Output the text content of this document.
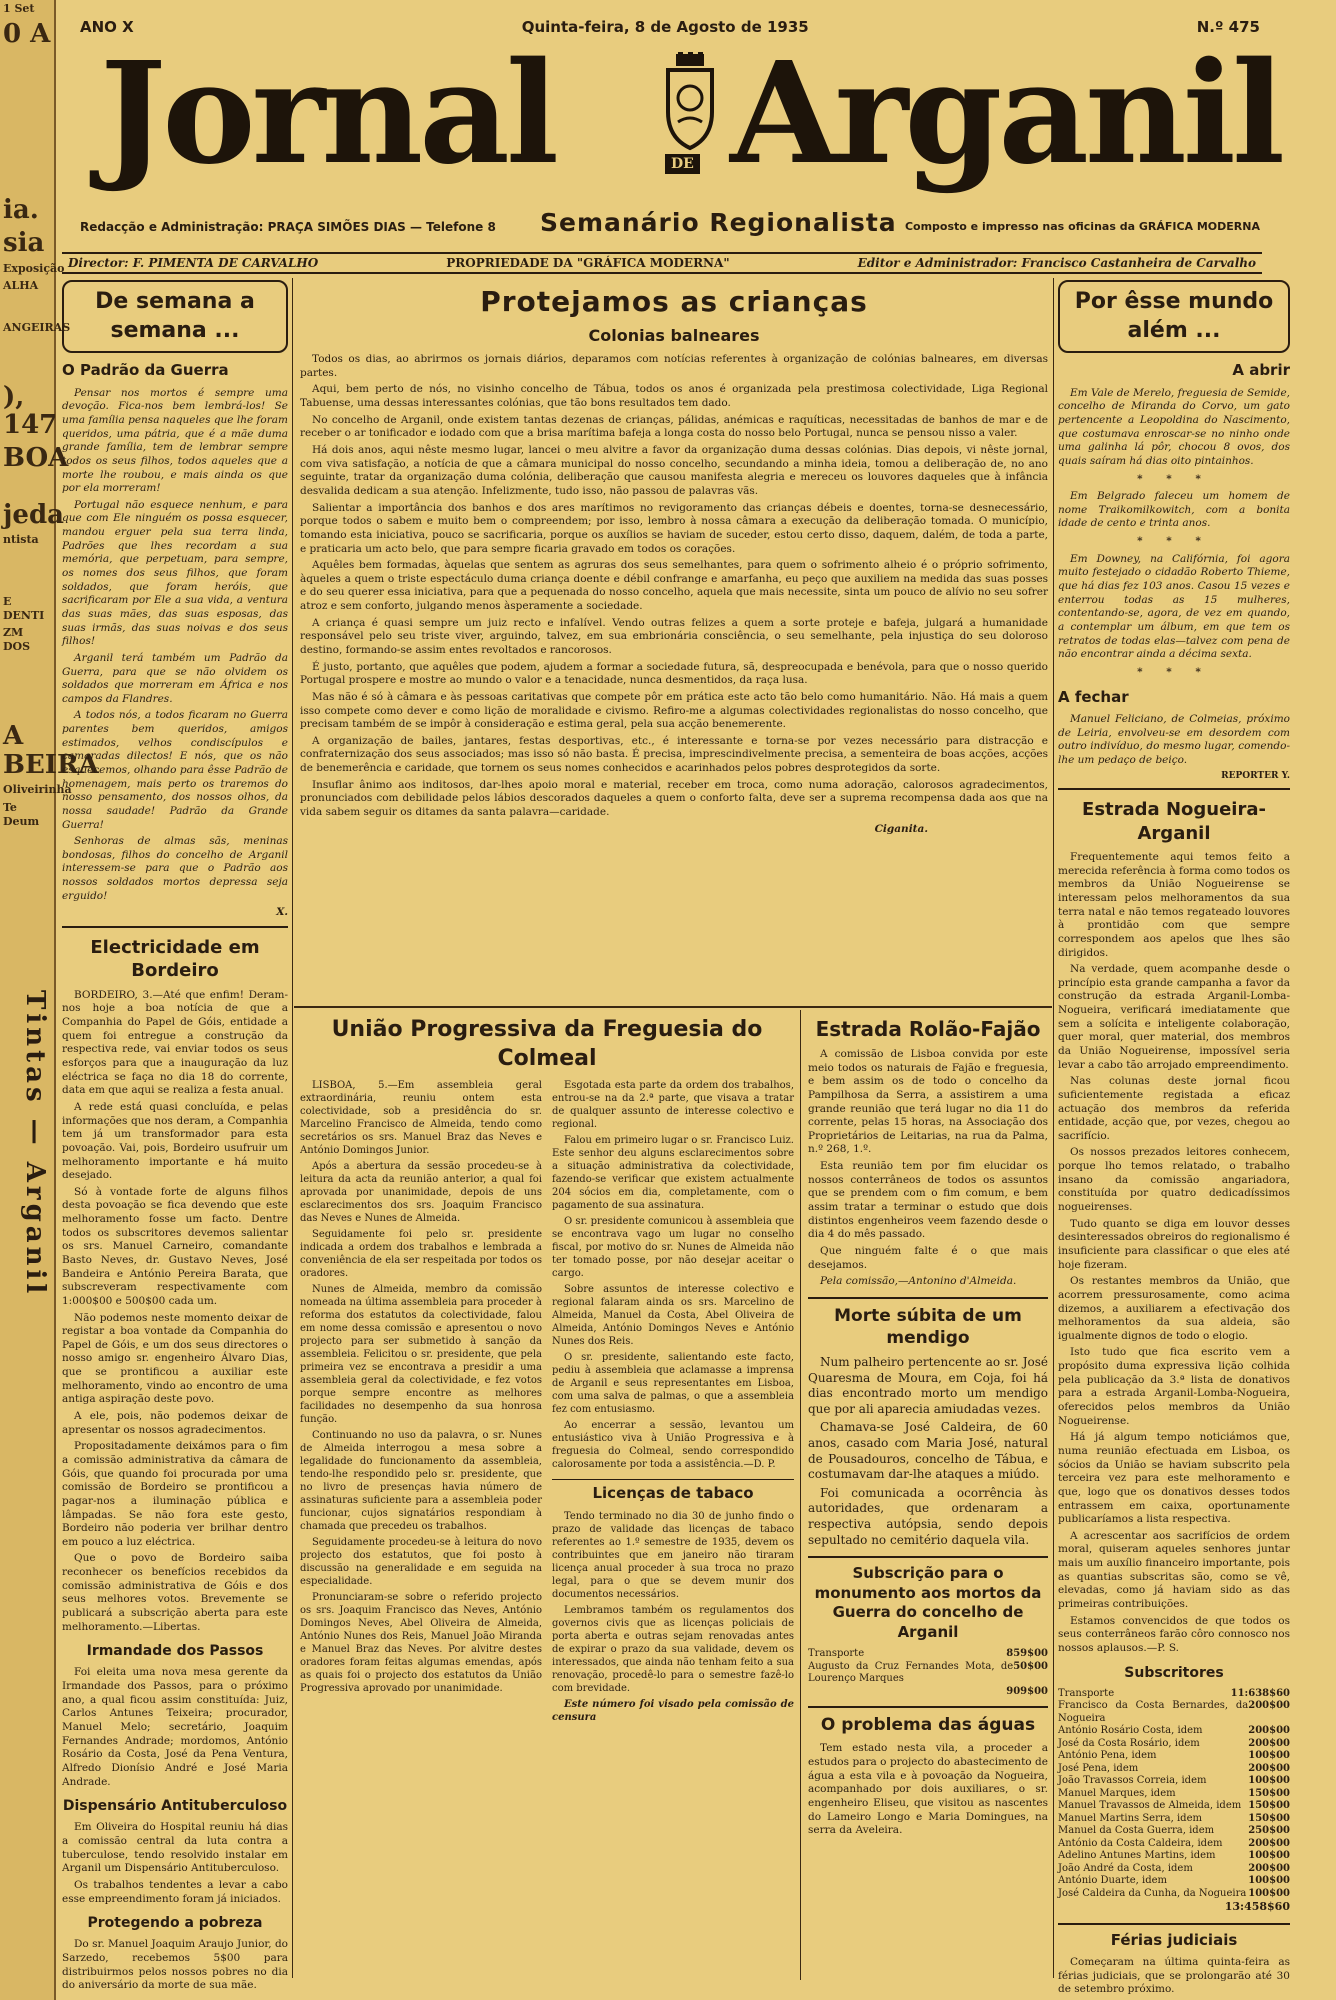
1 Set
0 A
ia.
sia
Exposição
ALHA
ANGEIRAS
), 147
BOA
jeda
ntista
E DENTI
ZM DOS
A BEIRA
Oliveirinha
Te Deum
Tintas — Arganil
ANO X	Quinta-feira, 8 de Agosto de 1935	N.º 475
Jornal	DE Arganil
Redacção e Administração: PRAÇA SIMÕES DIAS — Telefone 8 Semanário Regionalista Composto e impresso nas oficinas da GRÁFICA MODERNA
Director: F. PIMENTA DE CARVALHO	PROPRIEDADE DA "GRÁFICA MODERNA"	Editor e Administrador: Francisco Castanheira de Carvalho
De semana a semana ...
O Padrão da Guerra

Pensar nos mortos é sempre uma devoção. Fica-nos bem lembrá-los! Se uma família pensa naqueles que lhe foram queridos, uma pátria, que é a mãe duma grande família, tem de lembrar sempre todos os seus filhos, todos aqueles que a morte lhe roubou, e mais ainda os que por ela morreram!

Portugal não esquece nenhum, e para que com Ele ninguém os possa esquecer, mandou erguer pela sua terra linda, Padrões que lhes recordam a sua memória, que perpetuam, para sempre, os nomes dos seus filhos, que foram soldados, que foram heróis, que sacrificaram por Ele a sua vida, a ventura das suas mães, das suas esposas, das suas irmãs, das suas noivas e dos seus filhos!

Arganil terá também um Padrão da Guerra, para que se não olvidem os soldados que morreram em África e nos campos da Flandres.

A todos nós, a todos ficaram no Guerra parentes bem queridos, amigos estimados, velhos condiscípulos e camaradas dilectos! E nós, que os não esquecemos, olhando para êsse Padrão de homenagem, mais perto os traremos do nosso pensamento, dos nossos olhos, da nossa saudade! Padrão da Grande Guerra!

Senhoras de almas sãs, meninas bondosas, filhos do concelho de Arganil interessem-se para que o Padrão aos nossos soldados mortos depressa seja erguido!

X.
Electricidade em Bordeiro

BORDEIRO, 3.—Até que enfim! Deram-nos hoje a boa notícia de que a Companhia do Papel de Góis, entidade a quem foi entregue a construção da respectiva rede, vai enviar todos os seus esforços para que a inauguração da luz eléctrica se faça no dia 18 do corrente, data em que aqui se realiza a festa anual.

A rede está quasi concluída, e pelas informações que nos deram, a Companhia tem já um transformador para esta povoação. Vai, pois, Bordeiro usufruir um melhoramento importante e há muito desejado.

Só à vontade forte de alguns filhos desta povoação se fica devendo que este melhoramento fosse um facto. Dentre todos os subscritores devemos salientar os srs. Manuel Carneiro, comandante Basto Neves, dr. Gustavo Neves, José Bandeira e António Pereira Barata, que subscreveram respectivamente com 1:000$00 e 500$00 cada um.

Não podemos neste momento deixar de registar a boa vontade da Companhia do Papel de Góis, e um dos seus directores o nosso amigo sr. engenheiro Álvaro Dias, que se prontificou a auxiliar este melhoramento, vindo ao encontro de uma antiga aspiração deste povo.

A ele, pois, não podemos deixar de apresentar os nossos agradecimentos.

Propositadamente deixámos para o fim a comissão administrativa da câmara de Góis, que quando foi procurada por uma comissão de Bordeiro se prontificou a pagar-nos a iluminação pública e lâmpadas. Se não fora este gesto, Bordeiro não poderia ver brilhar dentro em pouco a luz eléctrica.

Que o povo de Bordeiro saiba reconhecer os benefícios recebidos da comissão administrativa de Góis e dos seus melhores votos. Brevemente se publicará a subscrição aberta para este melhoramento.—Libertas.

Irmandade dos Passos

Foi eleita uma nova mesa gerente da Irmandade dos Passos, para o próximo ano, a qual ficou assim constituída: Juiz, Carlos Antunes Teixeira; procurador, Manuel Melo; secretário, Joaquim Fernandes Andrade; mordomos, António Rosário da Costa, José da Pena Ventura, Alfredo Dionísio André e José Maria Andrade.

Dispensário Antituberculoso

Em Oliveira do Hospital reuniu há dias a comissão central da luta contra a tuberculose, tendo resolvido instalar em Arganil um Dispensário Antituberculoso.

Os trabalhos tendentes a levar a cabo esse empreendimento foram já iniciados.

Protegendo a pobreza

Do sr. Manuel Joaquim Araujo Junior, do Sarzedo, recebemos 5$00 para distribuirmos pelos nossos pobres no dia do aniversário da morte de sua mãe.

Protejamos as crianças
Colonias balneares

Todos os dias, ao abrirmos os jornais diários, deparamos com notícias referentes à organização de colónias balneares, em diversas partes.

Aqui, bem perto de nós, no visinho concelho de Tábua, todos os anos é organizada pela prestimosa colectividade, Liga Regional Tabuense, uma dessas interessantes colónias, que tão bons resultados tem dado.

No concelho de Arganil, onde existem tantas dezenas de crianças, pálidas, anémicas e raquíticas, necessitadas de banhos de mar e de receber o ar tonificador e iodado com que a brisa marítima bafeja a longa costa do nosso belo Portugal, nunca se pensou nisso a valer.

Há dois anos, aqui nêste mesmo lugar, lancei o meu alvitre a favor da organização duma dessas colónias. Dias depois, vi nêste jornal, com viva satisfação, a notícia de que a câmara municipal do nosso concelho, secundando a minha ideia, tomou a deliberação de, no ano seguinte, tratar da organização duma colónia, deliberação que causou manifesta alegria e mereceu os louvores daqueles que à infância desvalida dedicam a sua atenção. Infelizmente, tudo isso, não passou de palavras vãs.

Salientar a importância dos banhos e dos ares marítimos no revigoramento das crianças débeis e doentes, torna-se desnecessário, porque todos o sabem e muito bem o compreendem; por isso, lembro à nossa câmara a execução da deliberação tomada. O município, tomando esta iniciativa, pouco se sacrificaria, porque os auxílios se haviam de suceder, estou certo disso, daquem, dalém, de toda a parte, e praticaria um acto belo, que para sempre ficaria gravado em todos os corações.

Aquêles bem formadas, àquelas que sentem as agruras dos seus semelhantes, para quem o sofrimento alheio é o próprio sofrimento, àqueles a quem o triste espectáculo duma criança doente e débil confrange e amarfanha, eu peço que auxiliem na medida das suas posses e do seu querer essa iniciativa, para que a pequenada do nosso concelho, aquela que mais necessite, sinta um pouco de alívio no seu sofrer atroz e sem conforto, julgando menos àsperamente a sociedade.

A criança é quasi sempre um juiz recto e infalível. Vendo outras felizes a quem a sorte proteje e bafeja, julgará a humanidade responsável pelo seu triste viver, arguindo, talvez, em sua embrionária consciência, o seu semelhante, pela injustiça do seu doloroso destino, formando-se assim entes revoltados e rancorosos.

É justo, portanto, que aquêles que podem, ajudem a formar a sociedade futura, sã, despreocupada e benévola, para que o nosso querido Portugal prospere e mostre ao mundo o valor e a tenacidade, nunca desmentidos, da raça lusa.

Mas não é só à câmara e às pessoas caritativas que compete pôr em prática este acto tão belo como humanitário. Não. Há mais a quem isso compete como dever e como lição de moralidade e civismo. Refiro-me a algumas colectividades regionalistas do nosso concelho, que precisam também de se impôr à consideração e estima geral, pela sua acção benemerente.

A organização de bailes, jantares, festas desportivas, etc., é interessante e torna-se por vezes necessário para distracção e confraternização dos seus associados; mas isso só não basta. É precisa, imprescindivelmente precisa, a sementeira de boas acções, acções de benemerência e caridade, que tornem os seus nomes conhecidos e acarinhados pelos pobres desprotegidos da sorte.

Insuflar ânimo aos inditosos, dar-lhes apoio moral e material, receber em troca, como numa adoração, calorosos agradecimentos, pronunciados com debilidade pelos lábios descorados daqueles a quem o conforto falta, deve ser a suprema recompensa dada aos que na vida sabem seguir os ditames da santa palavra—caridade.

Ciganita.
União Progressiva da Freguesia do Colmeal

LISBOA, 5.—Em assembleia geral extraordinária, reuniu ontem esta colectividade, sob a presidência do sr. Marcelino Francisco de Almeida, tendo como secretários os srs. Manuel Braz das Neves e António Domingos Junior.

Após a abertura da sessão procedeu-se à leitura da acta da reunião anterior, a qual foi aprovada por unanimidade, depois de uns esclarecimentos dos srs. Joaquim Francisco das Neves e Nunes de Almeida.

Seguidamente foi pelo sr. presidente indicada a ordem dos trabalhos e lembrada a conveniência de ela ser respeitada por todos os oradores.

Nunes de Almeida, membro da comissão nomeada na última assembleia para proceder à reforma dos estatutos da colectividade, falou em nome dessa comissão e apresentou o novo projecto para ser submetido à sanção da assembleia. Felicitou o sr. presidente, que pela primeira vez se encontrava a presidir a uma assembleia geral da colectividade, e fez votos porque sempre encontre as melhores facilidades no desempenho da sua honrosa função.

Continuando no uso da palavra, o sr. Nunes de Almeida interrogou a mesa sobre a legalidade do funcionamento da assembleia, tendo-lhe respondido pelo sr. presidente, que no livro de presenças havia número de assinaturas suficiente para a assembleia poder funcionar, cujos signatários respondiam à chamada que precedeu os trabalhos.

Seguidamente procedeu-se à leitura do novo projecto dos estatutos, que foi posto à discussão na generalidade e em seguida na especialidade.

Pronunciaram-se sobre o referido projecto os srs. Joaquim Francisco das Neves, António Domingos Neves, Abel Oliveira de Almeida, António Nunes dos Reis, Manuel João Miranda e Manuel Braz das Neves. Por alvitre destes oradores foram feitas algumas emendas, após as quais foi o projecto dos estatutos da União Progressiva aprovado por unanimidade.

Esgotada esta parte da ordem dos trabalhos, entrou-se na da 2.ª parte, que visava a tratar de qualquer assunto de interesse colectivo e regional.

Falou em primeiro lugar o sr. Francisco Luiz. Este senhor deu alguns esclarecimentos sobre a situação administrativa da colectividade, fazendo-se verificar que existem actualmente 204 sócios em dia, completamente, com o pagamento de sua assinatura.

O sr. presidente comunicou à assembleia que se encontrava vago um lugar no conselho fiscal, por motivo do sr. Nunes de Almeida não ter tomado posse, por não desejar aceitar o cargo.

Sobre assuntos de interesse colectivo e regional falaram ainda os srs. Marcelino de Almeida, Manuel da Costa, Abel Oliveira de Almeida, António Domingos Neves e António Nunes dos Reis.

O sr. presidente, salientando este facto, pediu à assembleia que aclamasse a imprensa de Arganil e seus representantes em Lisboa, com uma salva de palmas, o que a assembleia fez com entusiasmo.

Ao encerrar a sessão, levantou um entusiástico viva à União Progressiva e à freguesia do Colmeal, sendo correspondido calorosamente por toda a assistência.—D. P.

Licenças de tabaco

Tendo terminado no dia 30 de junho findo o prazo de validade das licenças de tabaco referentes ao 1.º semestre de 1935, devem os contribuintes que em janeiro não tiraram licença anual proceder à sua troca no prazo legal, para o que se devem munir dos documentos necessários.

Lembramos também os regulamentos dos governos civis que as licenças policiais de porta aberta e outras sejam renovadas antes de expirar o prazo da sua validade, devem os interessados, que ainda não tenham feito a sua renovação, procedê-lo para o semestre fazê-lo com brevidade.

Este número foi visado pela comissão de censura

Estrada Rolão-Fajão

A comissão de Lisboa convida por este meio todos os naturais de Fajão e freguesia, e bem assim os de todo o concelho da Pampilhosa da Serra, a assistirem a uma grande reunião que terá lugar no dia 11 do corrente, pelas 15 horas, na Associação dos Proprietários de Leitarias, na rua da Palma, n.º 268, 1.º.

Esta reunião tem por fim elucidar os nossos conterrâneos de todos os assuntos que se prendem com o fim comum, e bem assim tratar a terminar o estudo que dois distintos engenheiros veem fazendo desde o dia 4 do mês passado.

Que ninguém falte é o que mais desejamos.

Pela comissão,—Antonino d'Almeida.

Morte súbita de um mendigo

Num palheiro pertencente ao sr. José Quaresma de Moura, em Coja, foi há dias encontrado morto um mendigo que por ali aparecia amiudadas vezes.

Chamava-se José Caldeira, de 60 anos, casado com Maria José, natural de Pousadouros, concelho de Tábua, e costumavam dar-lhe ataques a miúdo.

Foi comunicada a ocorrência às autoridades, que ordenaram a respectiva autópsia, sendo depois sepultado no cemitério daquela vila.

Subscrição para o monumento aos mortos da Guerra do concelho de Arganil
Transporte	859$00
Augusto da Cruz Fernandes Mota, de Lourenço Marques
50$00
909$00
O problema das águas

Tem estado nesta vila, a proceder a estudos para o projecto do abastecimento de água a esta vila e à povoação da Nogueira, acompanhado por dois auxiliares, o sr. engenheiro Eliseu, que visitou as nascentes do Lameiro Longo e Maria Domingues, na serra da Aveleira.

Por êsse mundo além ...
A abrir

Em Vale de Merelo, freguesia de Semide, concelho de Miranda do Corvo, um gato pertencente a Leopoldina do Nascimento, que costumava enroscar-se no ninho onde uma galinha lá pôr, chocou 8 ovos, dos quais saíram há dias oito pintainhos.

* * *

Em Belgrado faleceu um homem de nome Traikomilkowitch, com a bonita idade de cento e trinta anos.

* * *

Em Downey, na Califórnia, foi agora muito festejado o cidadão Roberto Thieme, que há dias fez 103 anos. Casou 15 vezes e enterrou todas as 15 mulheres, contentando-se, agora, de vez em quando, a contemplar um álbum, em que tem os retratos de todas elas—talvez com pena de não encontrar ainda a décima sexta.

* * *
A fechar

Manuel Feliciano, de Colmeias, próximo de Leiria, envolveu-se em desordem com outro indivíduo, do mesmo lugar, comendo-lhe um pedaço de beiço.

REPORTER Y.
Estrada Nogueira-Arganil

Frequentemente aqui temos feito a merecida referência à forma como todos os membros da União Nogueirense se interessam pelos melhoramentos da sua terra natal e não temos regateado louvores à prontidão com que sempre correspondem aos apelos que lhes são dirigidos.

Na verdade, quem acompanhe desde o princípio esta grande campanha a favor da construção da estrada Arganil-Lomba-Nogueira, verificará imediatamente que sem a solícita e inteligente colaboração, quer moral, quer material, dos membros da União Nogueirense, impossível seria levar a cabo tão arrojado empreendimento.

Nas colunas deste jornal ficou suficientemente registada a eficaz actuação dos membros da referida entidade, acção que, por vezes, chegou ao sacrifício.

Os nossos prezados leitores conhecem, porque lho temos relatado, o trabalho insano da comissão angariadora, constituída por quatro dedicadíssimos nogueirenses.

Tudo quanto se diga em louvor desses desinteressados obreiros do regionalismo é insuficiente para classificar o que eles até hoje fizeram.

Os restantes membros da União, que acorrem pressurosamente, como acima dizemos, a auxiliarem a efectivação dos melhoramentos da sua aldeia, são igualmente dignos de todo o elogio.

Isto tudo que fica escrito vem a propósito duma expressiva lição colhida pela publicação da 3.ª lista de donativos para a estrada Arganil-Lomba-Nogueira, oferecidos pelos membros da União Nogueirense.

Há já algum tempo noticiámos que, numa reunião efectuada em Lisboa, os sócios da União se haviam subscrito pela terceira vez para este melhoramento e que, logo que os donativos desses todos entrassem em caixa, oportunamente publicaríamos a lista respectiva.

A acrescentar aos sacrifícios de ordem moral, quiseram aqueles senhores juntar mais um auxílio financeiro importante, pois as quantias subscritas são, como se vê, elevadas, como já haviam sido as das primeiras contribuições.

Estamos convencidos de que todos os seus conterrâneos farão côro connosco nos nossos aplausos.—P. S.

Subscritores
Transporte	11:638$60
Francisco da Costa Bernardes, da Nogueira
200$00
António Rosário Costa, idem	200$00
José da Costa Rosário, idem	200$00
António Pena, idem	100$00
José Pena, idem	200$00
João Travassos Correia, idem	100$00
Manuel Marques, idem	150$00
Manuel Travassos de Almeida, idem 150$00
Manuel Martins Serra, idem	150$00
Manuel da Costa Guerra, idem	250$00
António da Costa Caldeira, idem	200$00
Adelino Antunes Martins, idem	100$00
João André da Costa, idem	200$00
António Duarte, idem	100$00
José Caldeira da Cunha, da Nogueira 100$00
13:458$60
Férias judiciais

Começaram na última quinta-feira as férias judiciais, que se prolongarão até 30 de setembro próximo.
